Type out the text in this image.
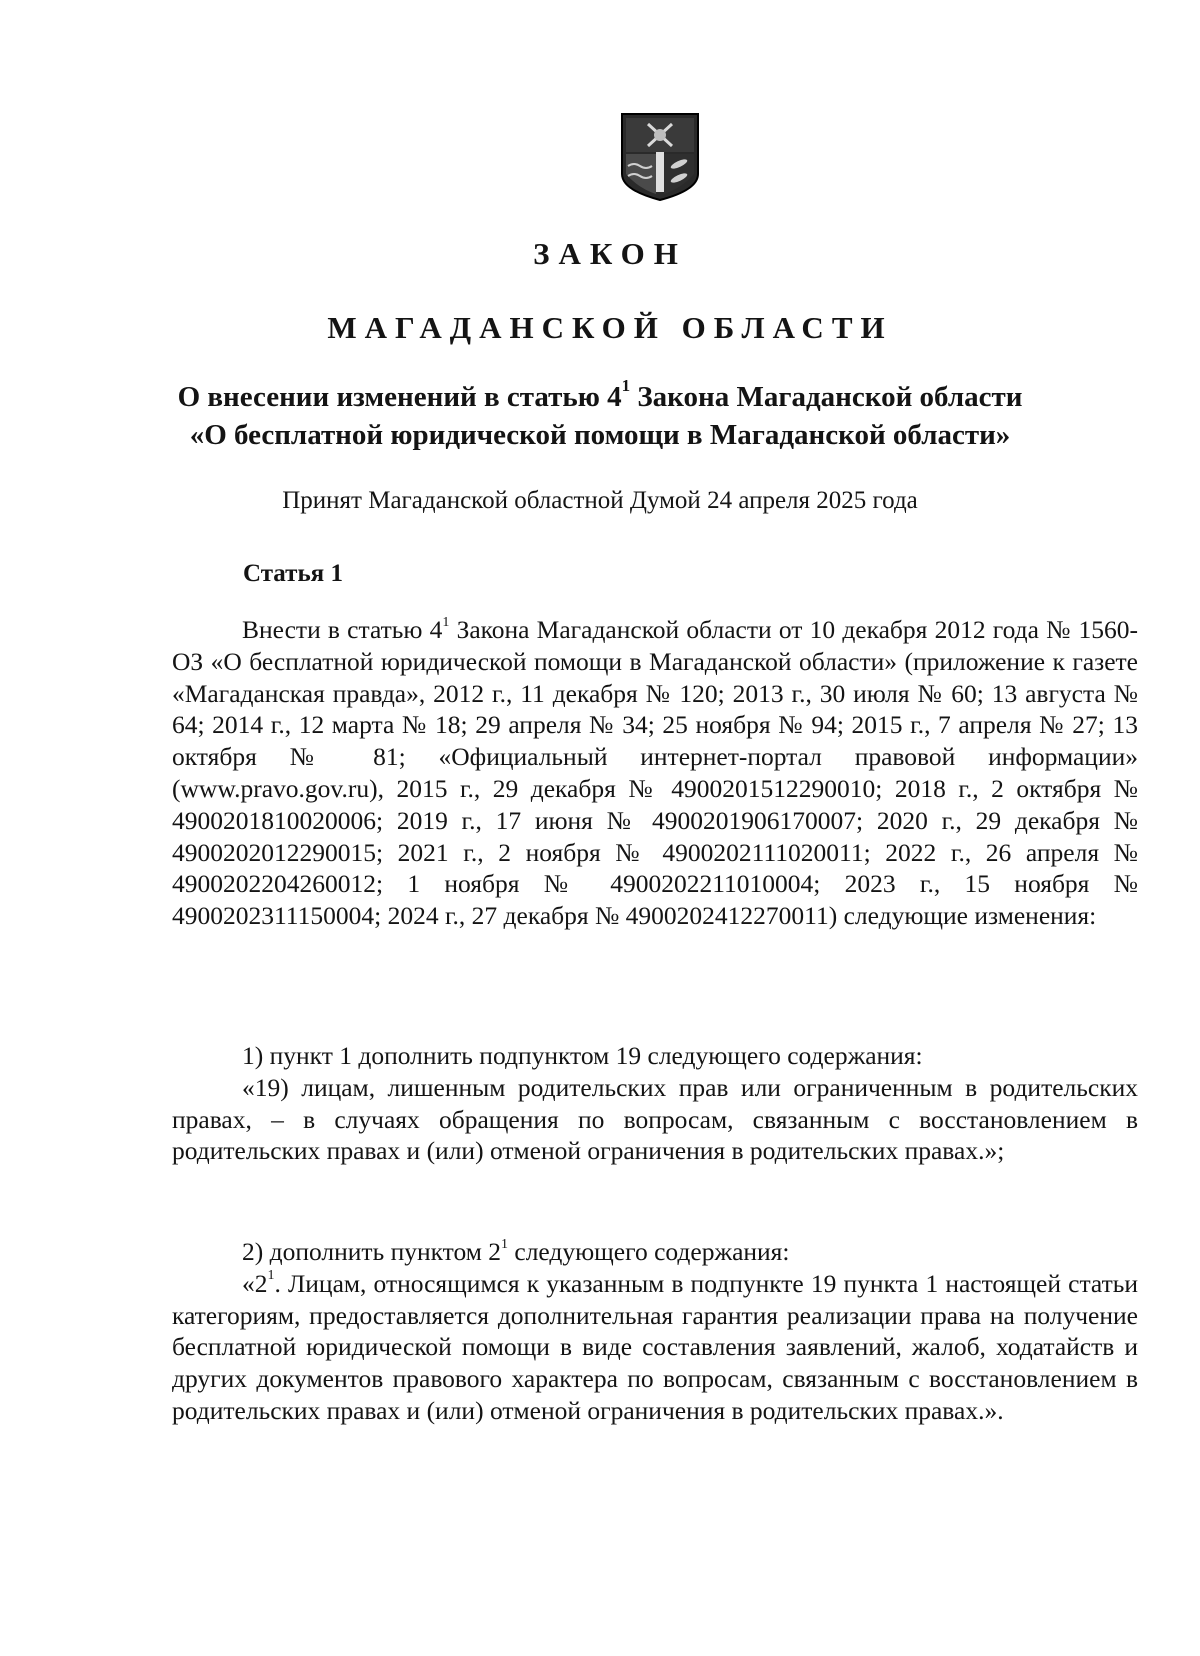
ЗАКОН
МАГАДАНСКОЙ ОБЛАСТИ
О внесении изменений в статью $4^1$ Закона Магаданской области
«О бесплатной юридической помощи в Магаданской области»
Принят Магаданской областной Думой 24 апреля 2025 года
Статья 1
Внести в статью $4^1$ Закона Магаданской области от 10 декабря 2012 года № 1560-ОЗ «О бесплатной юридической помощи в Магаданской области» (приложение к газете «Магаданская правда», 2012 г., 11 декабря № 120; 2013 г., 30 июля № 60; 13 августа № 64; 2014 г., 12 марта № 18; 29 апреля № 34; 25 ноября № 94; 2015 г., 7 апреля № 27; 13 октября № 81; «Официальный интернет-портал правовой информации» (www.pravo.gov.ru), 2015 г., 29 декабря № 4900201512290010; 2018 г., 2 октября № 4900201810020006; 2019 г., 17 июня № 4900201906170007; 2020 г., 29 декабря № 4900202012290015; 2021 г., 2 ноября № 4900202111020011; 2022 г., 26 апреля № 4900202204260012; 1 ноября № 4900202211010004; 2023 г., 15 ноября № 4900202311150004; 2024 г., 27 декабря № 4900202412270011) следующие изменения:
1) пункт 1 дополнить подпунктом 19 следующего содержания:
«19) лицам, лишенным родительских прав или ограниченным в родительских правах, – в случаях обращения по вопросам, связанным с восстановлением в родительских правах и (или) отменой ограничения в родительских правах.»;
2) дополнить пунктом $2^1$ следующего содержания:
«$2^1$. Лицам, относящимся к указанным в подпункте 19 пункта 1 настоящей статьи категориям, предоставляется дополнительная гарантия реализации права на получение бесплатной юридической помощи в виде составления заявлений, жалоб, ходатайств и других документов правового характера по вопросам, связанным с восстановлением в родительских правах и (или) отменой ограничения в родительских правах.».
